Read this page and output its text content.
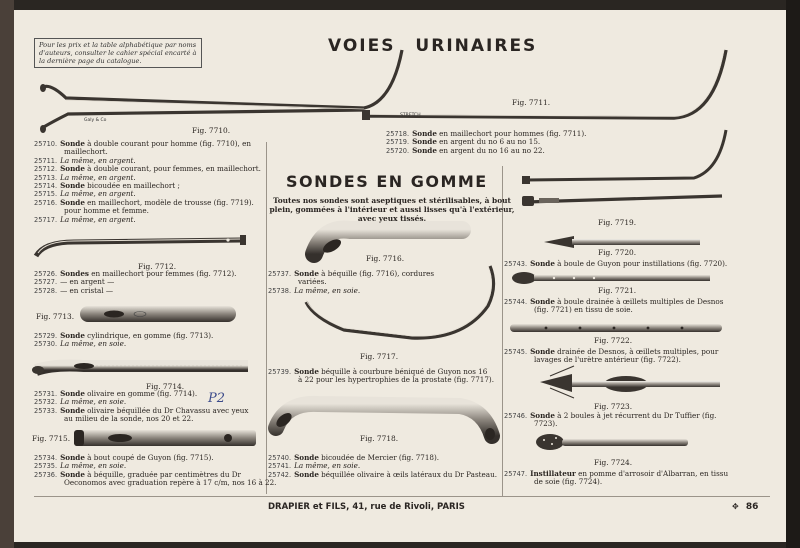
Pour les prix et la table alphabétique par noms d'auteurs, consulter le cahier spécial encarté à la dernière page du catalogue.
VOIES URINAIRES
Galy & Co
STRETCH
P2
Fig. 7710.
Fig. 7711.
Fig. 7719.
Fig. 7712.
Fig. 7713.
Fig. 7714.
Fig. 7715.
Fig. 7716.
Fig. 7717.
Fig. 7718.
Fig. 7720.
Fig. 7721.
Fig. 7722.
Fig. 7723.
Fig. 7724.
SONDES EN GOMME
Toutes nos sondes sont aseptiques et stérilisables, à bout plein, gommées à l'intérieur et aussi lisses qu'à l'extérieur, avec yeux tissés.
25710. Sonde à double courant pour homme (fig. 7710), en
maillechort.
25711. La même, en argent.
25712. Sonde à double courant, pour femmes, en maillechort.
25713. La même, en argent.
25714. Sonde bicoudée en maillechort ;
25715. La même, en argent.
25716. Sonde en maillechort, modèle de trousse (fig. 7719).
pour homme et femme.
25717. La même, en argent.
25726. Sondes en maillechort pour femmes (fig. 7712).
25727. — en argent —
25728. — en cristal —
25729. Sonde cylindrique, en gomme (fig. 7713).
25730. La même, en soie.
25731. Sonde olivaire en gomme (fig. 7714).
25732. La même, en soie.
25733. Sonde olivaire béquillée du Dr Chavassu avec yeux
au milieu de la sonde, nos 20 et 22.
25734. Sonde à bout coupé de Guyon (fig. 7715).
25735. La même, en soie.
25736. Sonde à béquille, graduée par centimètres du Dr
Oeconomos avec graduation repère à 17 c/m, nos 16 à 22.
25718. Sonde en maillechort pour hommes (fig. 7711).
25719. Sonde en argent du no 6 au no 15.
25720. Sonde en argent du no 16 au no 22.
25737. Sonde à béquille (fig. 7716), cordures
variées.
25738. La même, en soie.
25739. Sonde béquille à courbure béniqué de Guyon nos 16
à 22 pour les hypertrophies de la prostate (fig. 7717).
25740. Sonde bicoudée de Mercier (fig. 7718).
25741. La même, en soie.
25742. Sonde béquillée olivaire à œils latéraux du Dr Pasteau.
25743. Sonde à boule de Guyon pour instillations (fig. 7720).
25744. Sonde à boule drainée à œillets multiples de Desnos
(fig. 7721) en tissu de soie.
25745. Sonde drainée de Desnos, à œillets multiples, pour
lavages de l'urètre antérieur (fig. 7722).
25746. Sonde à 2 boules à jet récurrent du Dr Tuffier (fig.
7723).
25747. Instillateur en pomme d'arrosoir d'Albarran, en tissu
de soie (fig. 7724).
DRAPIER et FILS, 41, rue de Rivoli, PARIS	✥ 86
